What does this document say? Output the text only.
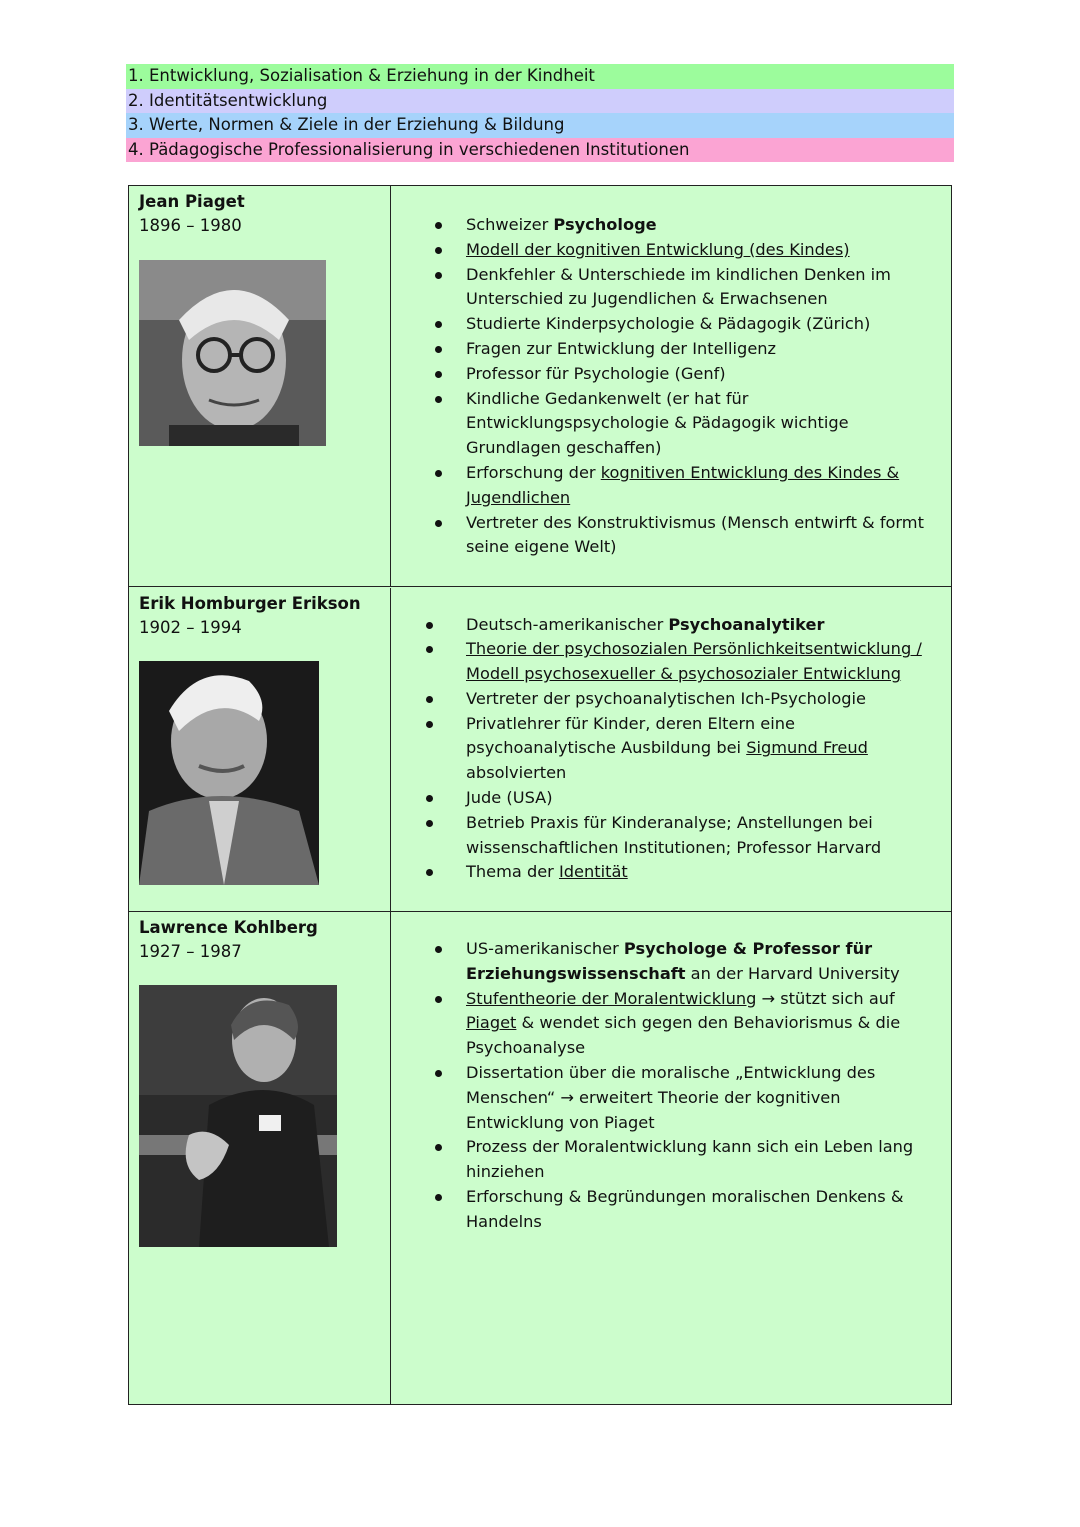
1. Entwicklung, Sozialisation & Erziehung in der Kindheit
2. Identitätsentwicklung
3. Werte, Normen & Ziele in der Erziehung & Bildung
4. Pädagogische Professionalisierung in verschiedenen Institutionen
Jean Piaget
1896 – 1980	Schweizer Psychologe
Modell der kognitiven Entwicklung (des Kindes)
Denkfehler & Unterschiede im kindlichen Denken im Unterschied zu Jugendlichen & Erwachsenen
Studierte Kinderpsychologie & Pädagogik (Zürich)
Fragen zur Entwicklung der Intelligenz
Professor für Psychologie (Genf)
Kindliche Gedankenwelt (er hat für Entwicklungspsychologie & Pädagogik wichtige Grundlagen geschaffen)
Erforschung der kognitiven Entwicklung des Kindes & Jugendlichen
Vertreter des Konstruktivismus (Mensch entwirft & formt seine eigene Welt)
Erik Homburger Erikson
1902 – 1994	Deutsch-amerikanischer Psychoanalytiker
Theorie der psychosozialen Persönlichkeitsentwicklung / Modell psychosexueller & psychosozialer Entwicklung
Vertreter der psychoanalytischen Ich-Psychologie
Privatlehrer für Kinder, deren Eltern eine psychoanalytische Ausbildung bei Sigmund Freud absolvierten
Jude (USA)
Betrieb Praxis für Kinderanalyse; Anstellungen bei wissenschaftlichen Institutionen; Professor Harvard
Thema der Identität
Lawrence Kohlberg
1927 – 1987	US-amerikanischer Psychologe & Professor für Erziehungswissenschaft an der Harvard University
Stufentheorie der Moralentwicklung → stützt sich auf Piaget & wendet sich gegen den Behaviorismus & die Psychoanalyse
Dissertation über die moralische „Entwicklung des Menschen“ → erweitert Theorie der kognitiven Entwicklung von Piaget
Prozess der Moralentwicklung kann sich ein Leben lang hinziehen
Erforschung & Begründungen moralischen Denkens & Handelns
